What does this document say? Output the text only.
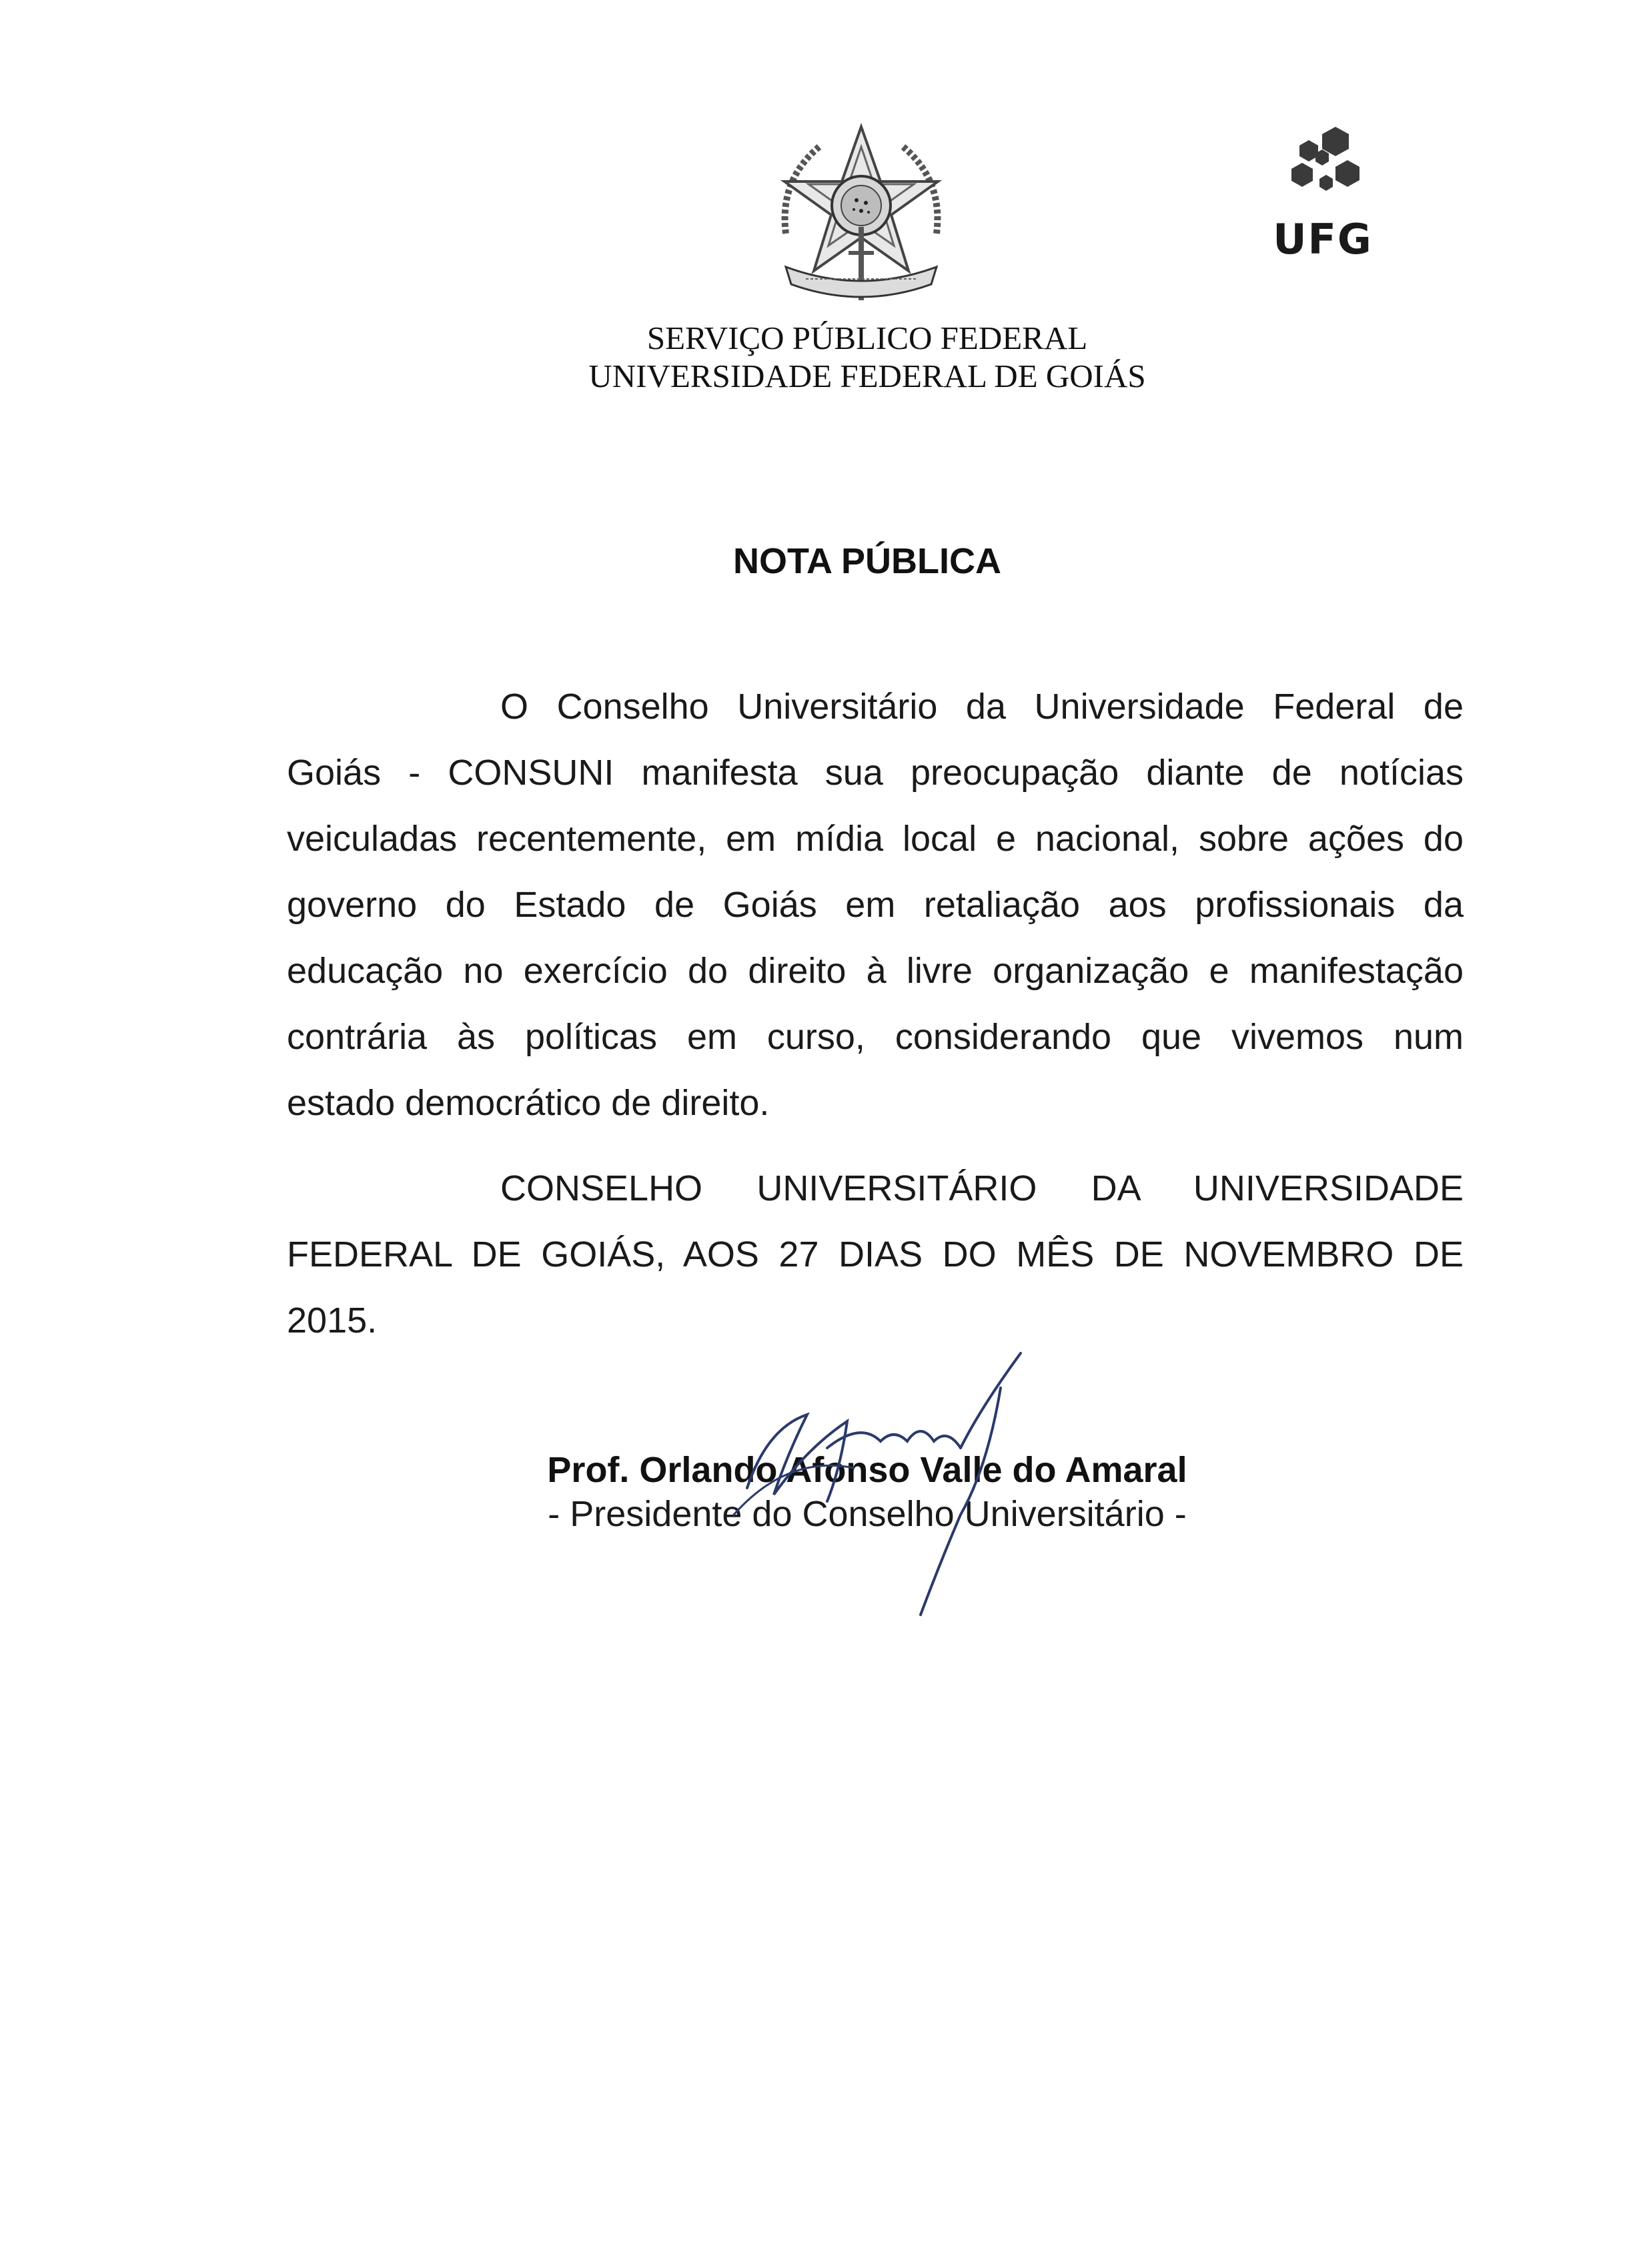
UFG
SERVIÇO PÚBLICO FEDERAL
UNIVERSIDADE FEDERAL DE GOIÁS
NOTA PÚBLICA
O Conselho Universitário da Universidade Federal de
Goiás - CONSUNI manifesta sua preocupação diante de notícias
veiculadas recentemente, em mídia local e nacional, sobre ações do
governo do Estado de Goiás em retaliação aos profissionais da
educação no exercício do direito à livre organização e manifestação
contrária às políticas em curso, considerando que vivemos num
estado democrático de direito.
CONSELHO UNIVERSITÁRIO DA UNIVERSIDADE
FEDERAL DE GOIÁS, AOS 27 DIAS DO MÊS DE NOVEMBRO DE
2015.
Prof. Orlando Afonso Valle do Amaral
- Presidente do Conselho Universitário -
